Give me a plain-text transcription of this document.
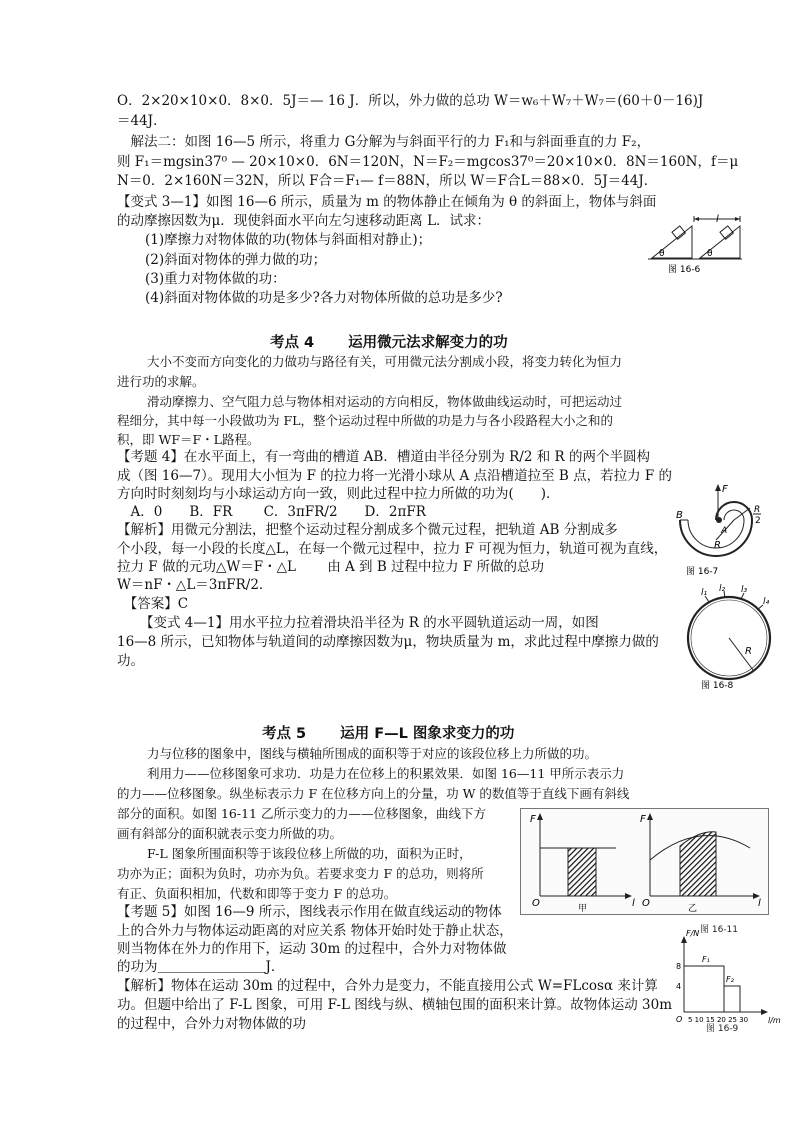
O．2×20×10×0．8×0．5J＝— 16 J．所以，外力做的总功 W＝w₆＋W₇＋W₇＝(60＋0－16)J
＝44J．
　解法二：如图 16—5 所示，将重力 G分解为与斜面平行的力 F₁和与斜面垂直的力 F₂，
则 F₁＝mgsin37⁰ — 20×10×0．6N＝120N，N＝F₂＝mgcos37⁰＝20×10×0．8N＝160N，f＝μ
N＝0．2×160N＝32N，所以 F合＝F₁— f＝88N，所以 W＝F合L＝88×0．5J＝44J．
【变式 3—1】如图 16—6 所示，质量为 m 的物体静止在倾角为 θ 的斜面上，物体与斜面
的动摩擦因数为μ．现使斜面水平向左匀速移动距离 L．试求：
(1)摩擦力对物体做的功(物体与斜面相对静止)；
(2)斜面对物体的弹力做的功；
(3)重力对物体做的功：
(4)斜面对物体做的功是多少?各力对物体所做的总功是多少?
l
θ	θ
图 16-6
考点 4　　 运用微元法求解变力的功
大小不变而方向变化的力做功与路径有关，可用微元法分割成小段，将变力转化为恒力
进行功的求解。
滑动摩擦力、空气阻力总与物体相对运动的方向相反，物体做曲线运动时，可把运动过
程细分，其中每一小段做功为 FL，整个运动过程中所做的功是力与各小段路程大小之和的
积，即 WF＝F・L路程。
【考题 4】在水平面上，有一弯曲的槽道 AB．槽道由半径分别为 R/2 和 R 的两个半圆构
成（图 16—7）。现用大小恒为 F 的拉力将一光滑小球从 A 点沿槽道拉至 B 点，若拉力 F 的
方向时时刻刻均与小球运动方向一致，则此过程中拉力所做的功为(　　)．
　A．0　　B．FR　　 C．3πFR/2　　D．2πFR
【解析】用微元分割法，把整个运动过程分割成多个微元过程，把轨道 AB 分割成多
个小段，每一小段的长度△L，在每一个微元过程中，拉力 F 可视为恒力，轨道可视为直线，
拉力 F 做的元功△W＝F・△L　　 由 A 到 B 过程中拉力 F 所做的总功
W＝nF・△L＝3πFR/2．
　【答案】C
【变式 4—1】用水平拉力拉着滑块沿半径为 R 的水平圆轨道运动一周，如图
16—8 所示，已知物体与轨道间的动摩擦因数为μ，物块质量为 m，求此过程中摩擦力做的
功。
F
B
A
R
R
2
图 16-7
l₁ l₂ l₃
l₄
R
图 16-8
考点 5　　 运用 F—L 图象求变力的功
力与位移的图象中，图线与横轴所围成的面积等于对应的该段位移上力所做的功。
利用力——位移图象可求功．功是力在位移上的积累效果．如图 16—11 甲所示表示力
的力——位移图象。纵坐标表示力 F 在位移方向上的分量，功 W 的数值等于直线下画有斜线
部分的面积。如图 16-11 乙所示变力的力——位移图象，曲线下方
画有斜部分的面积就表示变力所做的功。
F-L 图象所围面积等于该段位移上所做的功，面积为正时，
功亦为正；面积为负时，功亦为负。若要求变力 F 的总功，则将所
有正、负面积相加，代数和即等于变力 F 的总功。
【考题 5】如图 16—9 所示，图线表示作用在做直线运动的物体
上的合外力与物体运动距离的对应关系 物体开始时处于静止状态，
则当物体在外力的作用下，运动 30m 的过程中，合外力对物体做
的功为＿＿＿＿＿＿＿＿J．
【解析】物体在运动 30m 的过程中，合外力是变力，不能直接用公式 W=FLcosα 来计算
功。但题中给出了 F-L 图象，可用 F-L 图线与纵、横轴包围的面积来计算。故物体运动 30m
的过程中，合外力对物体做的功
F
O	l
甲
F
O	l
乙
图 16-11
F/N
l/m
F₁
F₂
8
4
O 5 10 15 20 25 30
图 16-9
